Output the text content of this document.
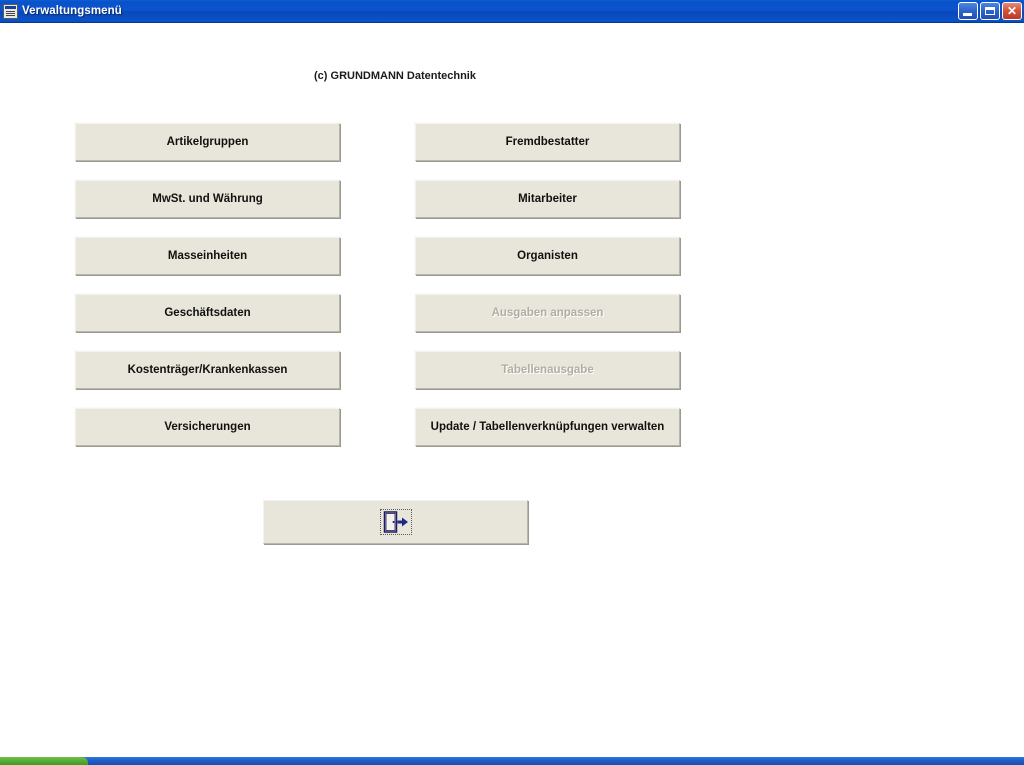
Verwaltungsmenü	✕
(c) GRUNDMANN Datentechnik
Artikelgruppen
MwSt. und Währung
Masseinheiten
Geschäftsdaten
Kostenträger/Krankenkassen
Versicherungen
Fremdbestatter
Mitarbeiter
Organisten
Ausgaben anpassen
Tabellenausgabe
Update / Tabellenverknüpfungen verwalten
